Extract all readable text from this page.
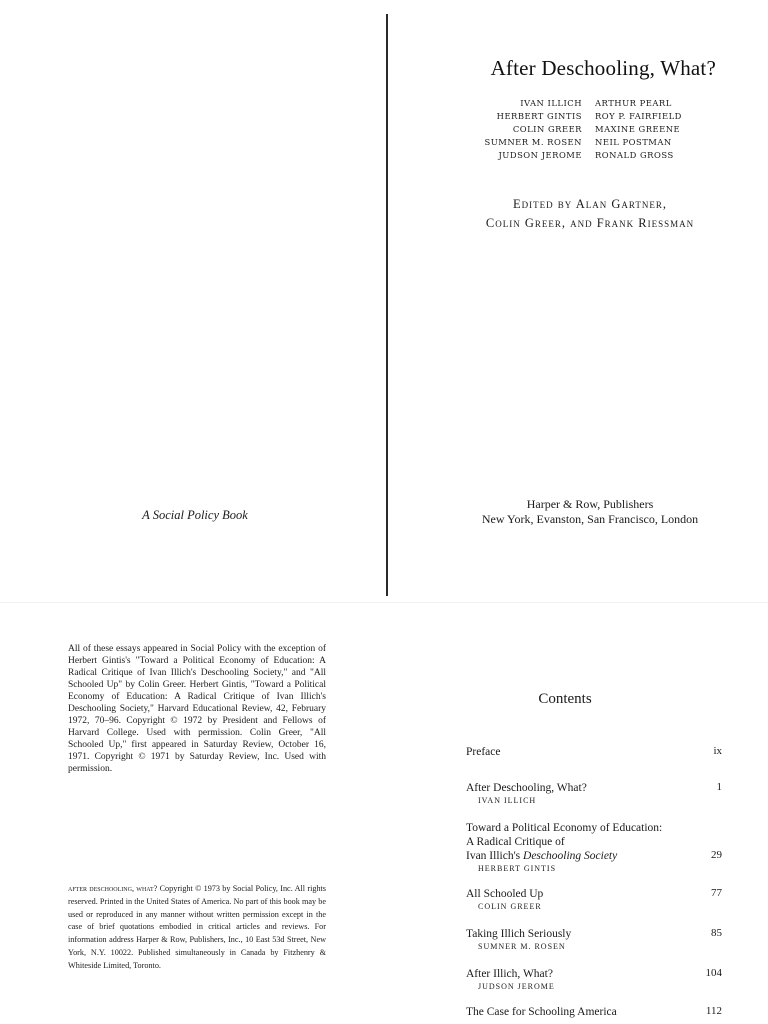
After Deschooling, What?
IVAN ILLICH
HERBERT GINTIS
COLIN GREER
SUMNER M. ROSEN
JUDSON JEROME
ARTHUR PEARL
ROY P. FAIRFIELD
MAXINE GREENE
NEIL POSTMAN
RONALD GROSS
Edited by Alan Gartner,
Colin Greer, and Frank Riessman
Harper & Row, Publishers
New York, Evanston, San Francisco, London
A Social Policy Book
All of these essays appeared in Social Policy with the exception of Herbert Gintis's "Toward a Political Economy of Education: A Radical Critique of Ivan Illich's Deschooling Society," and "All Schooled Up" by Colin Greer. Herbert Gintis, "Toward a Political Economy of Education: A Radical Critique of Ivan Illich's Deschooling Society," Harvard Educational Review, 42, February 1972, 70–96. Copyright © 1972 by President and Fellows of Harvard College. Used with permission. Colin Greer, "All Schooled Up," first appeared in Saturday Review, October 16, 1971. Copyright © 1971 by Saturday Review, Inc. Used with permission.
after deschooling, what? Copyright © 1973 by Social Policy, Inc. All rights reserved. Printed in the United States of America. No part of this book may be used or reproduced in any manner without written permission except in the case of brief quotations embodied in critical articles and reviews. For information address Harper & Row, Publishers, Inc., 10 East 53d Street, New York, N.Y. 10022. Published simultaneously in Canada by Fitzhenry & Whiteside Limited, Toronto.
Contents
ix
Preface
1
After Deschooling, What?
IVAN ILLICH
29
Toward a Political Economy of Education:
A Radical Critique of
Ivan Illich's Deschooling Society
HERBERT GINTIS
77
All Schooled Up
COLIN GREER
85
Taking Illich Seriously
SUMNER M. ROSEN
104
After Illich, What?
JUDSON JEROME
112
The Case for Schooling America
